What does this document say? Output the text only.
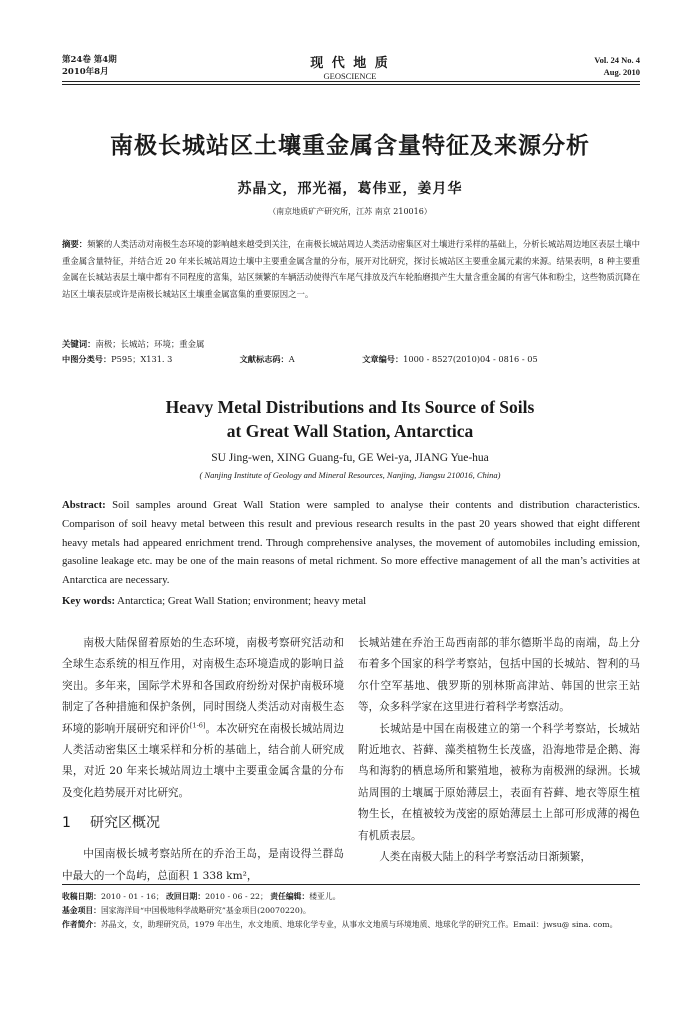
第24卷 第4期
2010年8月
现 代 地 质
GEOSCIENCE
Vol. 24 No. 4
Aug. 2010
南极长城站区土壤重金属含量特征及来源分析
苏晶文，邢光福，葛伟亚，姜月华
（南京地质矿产研究所，江苏 南京 210016）
摘要：频繁的人类活动对南极生态环境的影响越来越受到关注，在南极长城站周边人类活动密集区对土壤进行采样的基础上，分析长城站周边地区表层土壤中重金属含量特征，并结合近 20 年来长城站周边土壤中主要重金属含量的分布，展开对比研究，探讨长城站区主要重金属元素的来源。结果表明，8 种主要重金属在长城站表层土壤中都有不同程度的富集，站区频繁的车辆活动使得汽车尾气排放及汽车轮胎磨损产生大量含重金属的有害气体和粉尘，这些物质沉降在站区土壤表层或许是南极长城站区土壤重金属富集的重要原因之一。
关键词：南极；长城站；环境；重金属
中图分类号：P595；X131. 3	文献标志码：A	文章编号：1000 - 8527(2010)04 - 0816 - 05
Heavy Metal Distributions and Its Source of Soils
at Great Wall Station, Antarctica
SU Jing-wen, XING Guang-fu, GE Wei-ya, JIANG Yue-hua
( Nanjing Institute of Geology and Mineral Resources, Nanjing, Jiangsu 210016, China)
Abstract: Soil samples around Great Wall Station were sampled to analyse their contents and distribution characteristics. Comparison of soil heavy metal between this result and previous research results in the past 20 years showed that eight different heavy metals had appeared enrichment trend. Through comprehensive analyses, the movement of automobiles including emission, gasoline leakage etc. may be one of the main reasons of metal richment. So more effective management of all the man’s activities at Antarctica are necessary.
Key words: Antarctica; Great Wall Station; environment; heavy metal

南极大陆保留着原始的生态环境，南极考察研究活动和全球生态系统的相互作用，对南极生态环境造成的影响日益突出。多年来，国际学术界和各国政府纷纷对保护南极环境制定了各种措施和保护条例，同时围绕人类活动对南极生态环境的影响开展研究和评价[1-6]。本次研究在南极长城站周边人类活动密集区土壤采样和分析的基础上，结合前人研究成果，对近 20 年来长城站周边土壤中主要重金属含量的分布及变化趋势展开对比研究。

1 研究区概况

中国南极长城考察站所在的乔治王岛，是南设得兰群岛中最大的一个岛屿，总面积 1 338 km²，

长城站建在乔治王岛西南部的菲尔德斯半岛的南端，岛上分布着多个国家的科学考察站，包括中国的长城站、智利的马尔什空军基地、俄罗斯的别林斯高津站、韩国的世宗王站等，众多科学家在这里进行着科学考察活动。

长城站是中国在南极建立的第一个科学考察站，长城站附近地衣、苔藓、藻类植物生长茂盛，沿海地带是企鹅、海鸟和海豹的栖息场所和繁殖地，被称为南极洲的绿洲。长城站周围的土壤属于原始薄层土，表面有苔藓、地衣等原生植物生长，在植被较为茂密的原始薄层土上部可形成薄的褐色有机质表层。

人类在南极大陆上的科学考察活动日渐频繁，

收稿日期：2010 - 01 - 16； 改回日期：2010 - 06 - 22； 责任编辑：楼亚儿。
基金项目：国家海洋局“中国极地科学战略研究”基金项目(20070220)。
作者简介：苏晶文，女，助理研究员，1979 年出生，水文地质、地球化学专业，从事水文地质与环境地质、地球化学的研究工作。Email：jwsu@ sina. com。
